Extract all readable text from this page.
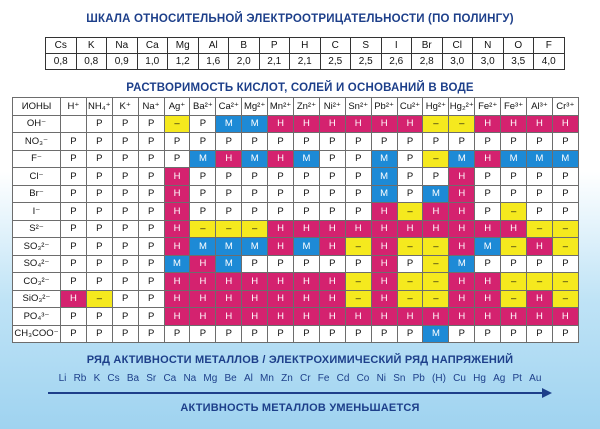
ШКАЛА ОТНОСИТЕЛЬНОЙ ЭЛЕКТРООТРИЦАТЕЛЬНОСТИ (ПО ПОЛИНГУ)
Cs	K	Na	Ca	Mg	Al	B	P	H	C	S	I	Br	Cl	N	O	F
0,8	0,8	0,9	1,0	1,2	1,6	2,0	2,1	2,1	2,5	2,5	2,6	2,8	3,0	3,0	3,5	4,0
РАСТВОРИМОСТЬ КИСЛОТ, СОЛЕЙ И ОСНОВАНИЙ В ВОДЕ
ИОНЫ	H⁺	NH₄⁺	K⁺	Na⁺	Ag⁺	Ba²⁺	Ca²⁺	Mg²⁺	Mn²⁺	Zn²⁺	Ni²⁺	Sn²⁺	Pb²⁺	Cu²⁺	Hg²⁺	Hg₂²⁺	Fe²⁺	Fe³⁺	Al³⁺	Cr³⁺
OH⁻		Р	Р	Р	–	Р	М	М	Н	Н	Н	Н	Н	Н	–	–	Н	Н	Н	Н
NO₃⁻	Р	Р	Р	Р	Р	Р	Р	Р	Р	Р	Р	Р	Р	Р	Р	Р	Р	Р	Р	Р
F⁻	Р	Р	Р	Р	Р	М	Н	М	Н	М	Р	Р	М	Р	–	М	Н	М	М	М
Cl⁻	Р	Р	Р	Р	Н	Р	Р	Р	Р	Р	Р	Р	М	Р	Р	Н	Р	Р	Р	Р
Br⁻	Р	Р	Р	Р	Н	Р	Р	Р	Р	Р	Р	Р	М	Р	М	Н	Р	Р	Р	Р
I⁻	Р	Р	Р	Р	Н	Р	Р	Р	Р	Р	Р	Р	Н	–	Н	Н	Р	–	Р	Р
S²⁻	Р	Р	Р	Р	Н	–	–	–	Н	Н	Н	Н	Н	Н	Н	Н	Н	Н	–	–
SO₃²⁻	Р	Р	Р	Р	Н	М	М	М	Н	М	Н	–	Н	–	–	Н	М	–	Н	–
SO₄²⁻	Р	Р	Р	Р	М	Н	М	Р	Р	Р	Р	Р	Н	Р	–	М	Р	Р	Р	Р
CO₃²⁻	Р	Р	Р	Р	Н	Н	Н	Н	Н	Н	Н	–	Н	–	–	Н	Н	–	–	–
SiO₃²⁻	Н	–	Р	Р	Н	Н	Н	Н	Н	Н	Н	–	Н	–	–	Н	Н	–	Н	–
PO₄³⁻	Р	Р	Р	Р	Н	Н	Н	Н	Н	Н	Н	Н	Н	Н	Н	Н	Н	Н	Н	Н
CH₃COO⁻	Р	Р	Р	Р	Р	Р	Р	Р	Р	Р	Р	Р	Р	Р	М	Р	Р	Р	Р	Р
РЯД АКТИВНОСТИ МЕТАЛЛОВ / ЭЛЕКТРОХИМИЧЕСКИЙ РЯД НАПРЯЖЕНИЙ
Li Rb K Cs Ba Sr Ca Na Mg Be Al Mn Zn Cr Fe Cd Co Ni Sn Pb (H) Cu Hg Ag Pt Au
АКТИВНОСТЬ МЕТАЛЛОВ УМЕНЬШАЕТСЯ
